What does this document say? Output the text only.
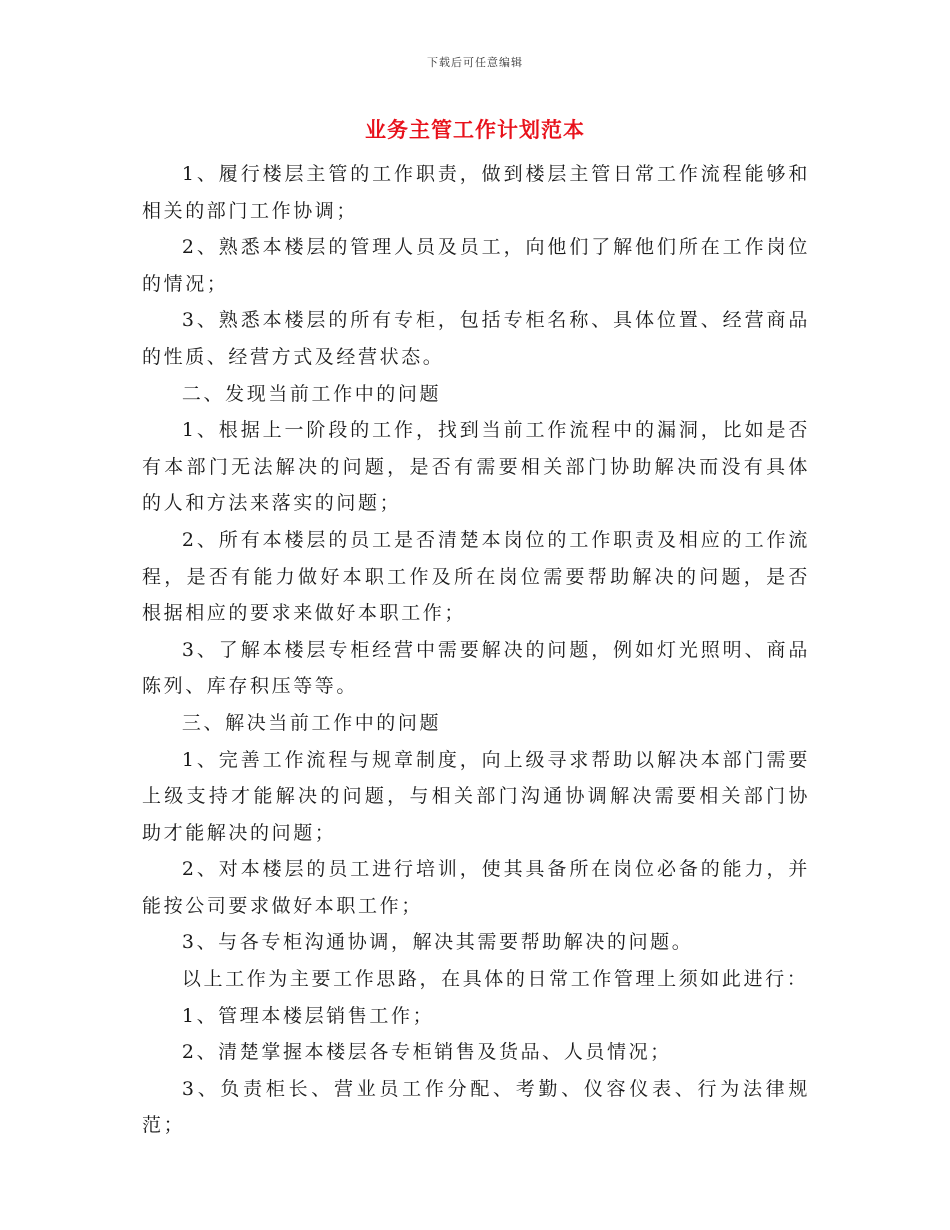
下载后可任意编辑
业务主管工作计划范本

1、履行楼层主管的工作职责，做到楼层主管日常工作流程能够和相关的部门工作协调；

2、熟悉本楼层的管理人员及员工，向他们了解他们所在工作岗位的情况；

3、熟悉本楼层的所有专柜，包括专柜名称、具体位置、经营商品的性质、经营方式及经营状态。

二、发现当前工作中的问题

1、根据上一阶段的工作，找到当前工作流程中的漏洞，比如是否有本部门无法解决的问题，是否有需要相关部门协助解决而没有具体的人和方法来落实的问题；

2、所有本楼层的员工是否清楚本岗位的工作职责及相应的工作流程，是否有能力做好本职工作及所在岗位需要帮助解决的问题，是否根据相应的要求来做好本职工作；

3、了解本楼层专柜经营中需要解决的问题，例如灯光照明、商品陈列、库存积压等等。

三、解决当前工作中的问题

1、完善工作流程与规章制度，向上级寻求帮助以解决本部门需要上级支持才能解决的问题，与相关部门沟通协调解决需要相关部门协助才能解决的问题；

2、对本楼层的员工进行培训，使其具备所在岗位必备的能力，并能按公司要求做好本职工作；

3、与各专柜沟通协调，解决其需要帮助解决的问题。

以上工作为主要工作思路，在具体的日常工作管理上须如此进行：

1、管理本楼层销售工作；

2、清楚掌握本楼层各专柜销售及货品、人员情况；

3、负责柜长、营业员工作分配、考勤、仪容仪表、行为法律规范；
